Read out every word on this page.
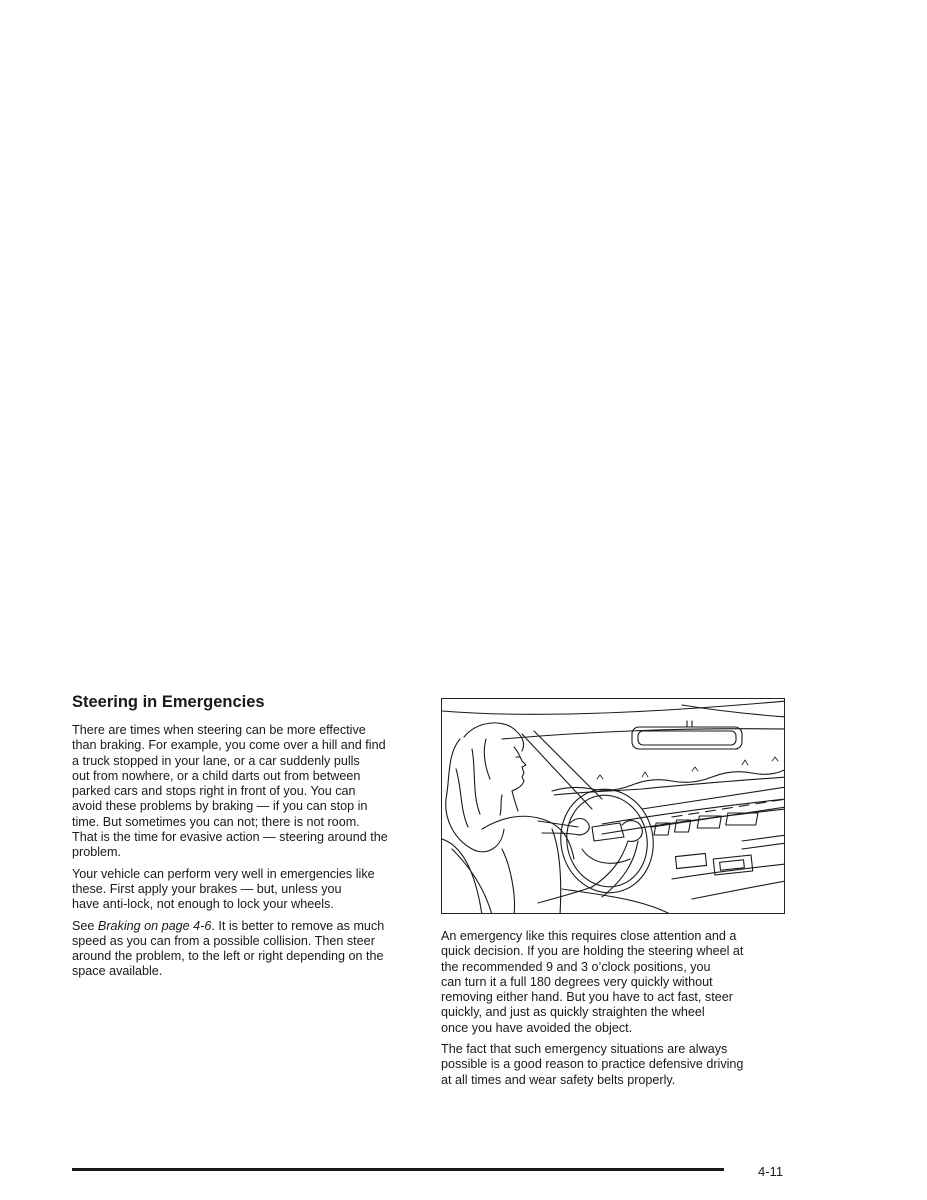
Steering in Emergencies

There are times when steering can be more effective
than braking. For example, you come over a hill and find
a truck stopped in your lane, or a car suddenly pulls
out from nowhere, or a child darts out from between
parked cars and stops right in front of you. You can
avoid these problems by braking — if you can stop in
time. But sometimes you can not; there is not room.
That is the time for evasive action — steering around the
problem.

Your vehicle can perform very well in emergencies like
these. First apply your brakes — but, unless you
have anti-lock, not enough to lock your wheels.

See Braking on page 4-6. It is better to remove as much
speed as you can from a possible collision. Then steer
around the problem, to the left or right depending on the
space available.

An emergency like this requires close attention and a
quick decision. If you are holding the steering wheel at
the recommended 9 and 3 o’clock positions, you
can turn it a full 180 degrees very quickly without
removing either hand. But you have to act fast, steer
quickly, and just as quickly straighten the wheel
once you have avoided the object.

The fact that such emergency situations are always
possible is a good reason to practice defensive driving
at all times and wear safety belts properly.

4-11
